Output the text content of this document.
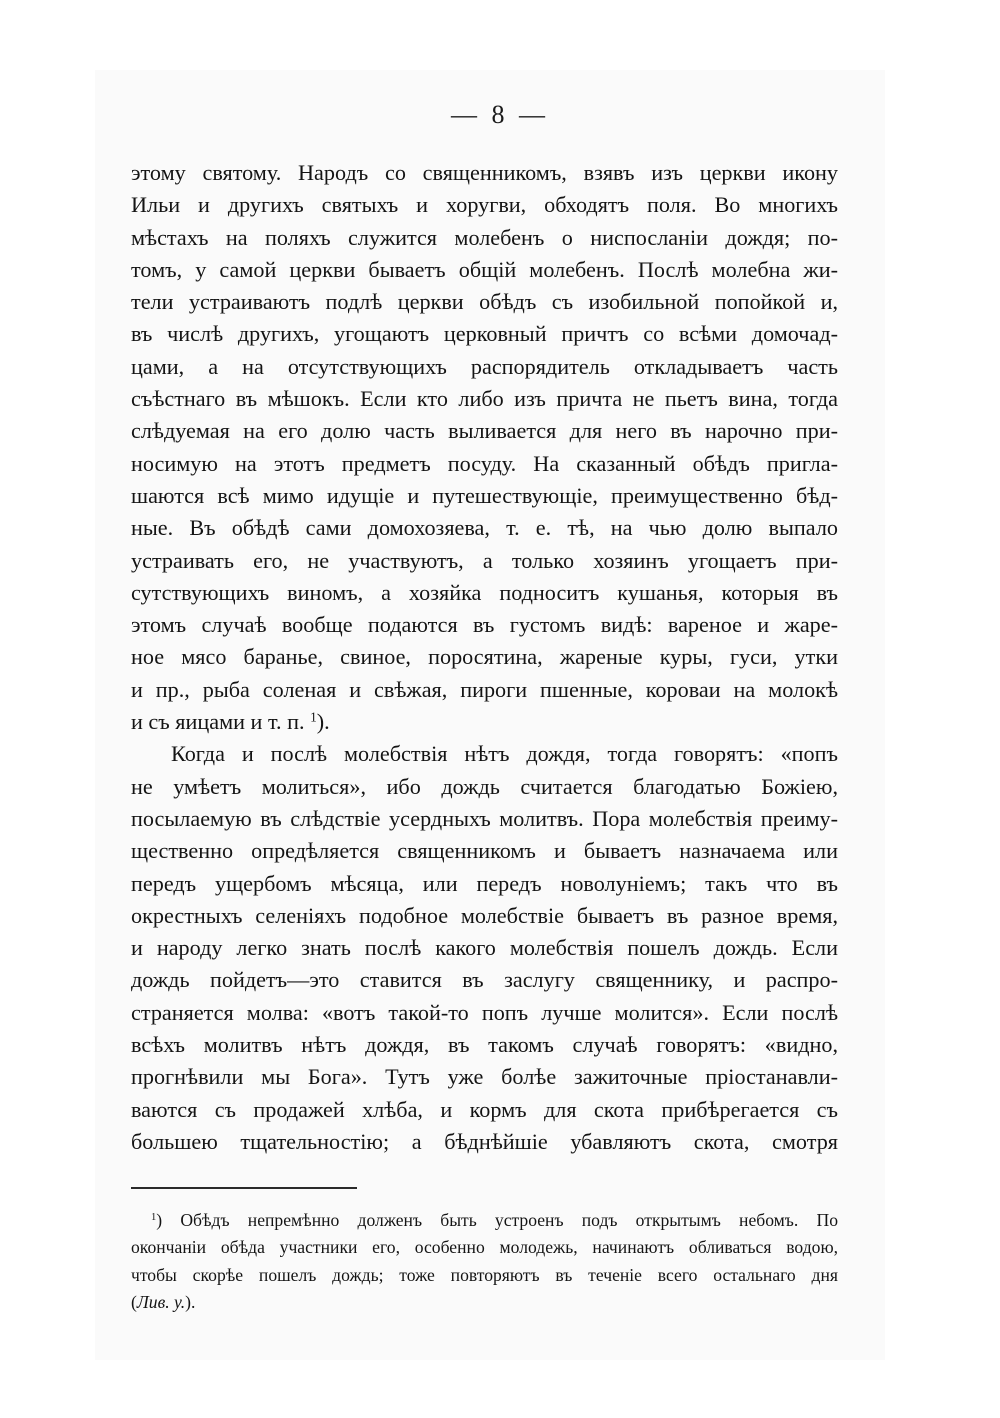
— 8 —
этому святому. Народъ со священникомъ, взявъ изъ церкви икону
Ильи и другихъ святыхъ и хоругви, обходятъ поля. Во многихъ
мѣстахъ на поляхъ служится молебенъ о ниспосланіи дождя; по-
томъ, у самой церкви бываетъ общій молебенъ. Послѣ молебна жи-
тели устраиваютъ подлѣ церкви обѣдъ съ изобильной попойкой и,
въ числѣ другихъ, угощаютъ церковный причтъ со всѣми домочад-
цами, а на отсутствующихъ распорядитель откладываетъ часть
съѣстнаго въ мѣшокъ. Если кто либо изъ причта не пьетъ вина, тогда
слѣдуемая на его долю часть выливается для него въ нарочно при-
носимую на этотъ предметъ посуду. На сказанный обѣдъ пригла-
шаются всѣ мимо идущіе и путешествующіе, преимущественно бѣд-
ные. Въ обѣдѣ сами домохозяева, т. е. тѣ, на чью долю выпало
устраивать его, не участвуютъ, а только хозяинъ угощаетъ при-
сутствующихъ виномъ, а хозяйка подноситъ кушанья, которыя въ
этомъ случаѣ вообще подаются въ густомъ видѣ: вареное и жаре-
ное мясо баранье, свиное, поросятина, жареные куры, гуси, утки
и пр., рыба соленая и свѣжая, пироги пшенные, короваи на молокѣ
и съ яицами и т. п. $^1$).
Когда и послѣ молебствія нѣтъ дождя, тогда говорятъ: «попъ
не умѣетъ молиться», ибо дождь считается благодатью Божіею,
посылаемую въ слѣдствіе усердныхъ молитвъ. Пора молебствія преиму-
щественно опредѣляется священникомъ и бываетъ назначаема или
передъ ущербомъ мѣсяца, или передъ новолуніемъ; такъ что въ
окрестныхъ селеніяхъ подобное молебствіе бываетъ въ разное время,
и народу легко знать послѣ какого молебствія пошелъ дождь. Если
дождь пойдетъ—это ставится въ заслугу священнику, и распро-
страняется молва: «вотъ такой-то попъ лучше молится». Если послѣ
всѣхъ молитвъ нѣтъ дождя, въ такомъ случаѣ говорятъ: «видно,
прогнѣвили мы Бога». Тутъ уже болѣе зажиточные пріостанавли-
ваются съ продажей хлѣба, и кормъ для скота прибѣрегается съ
большею тщательностію; а бѣднѣйшіе убавляютъ скота, смотря
$^1$) Обѣдъ непремѣнно долженъ быть устроенъ подъ открытымъ небомъ. По
окончаніи обѣда участники его, особенно молодежь, начинаютъ обливаться водою,
чтобы скорѣе пошелъ дождь; тоже повторяютъ въ теченіе всего остальнаго дня
(Лив. у.).
